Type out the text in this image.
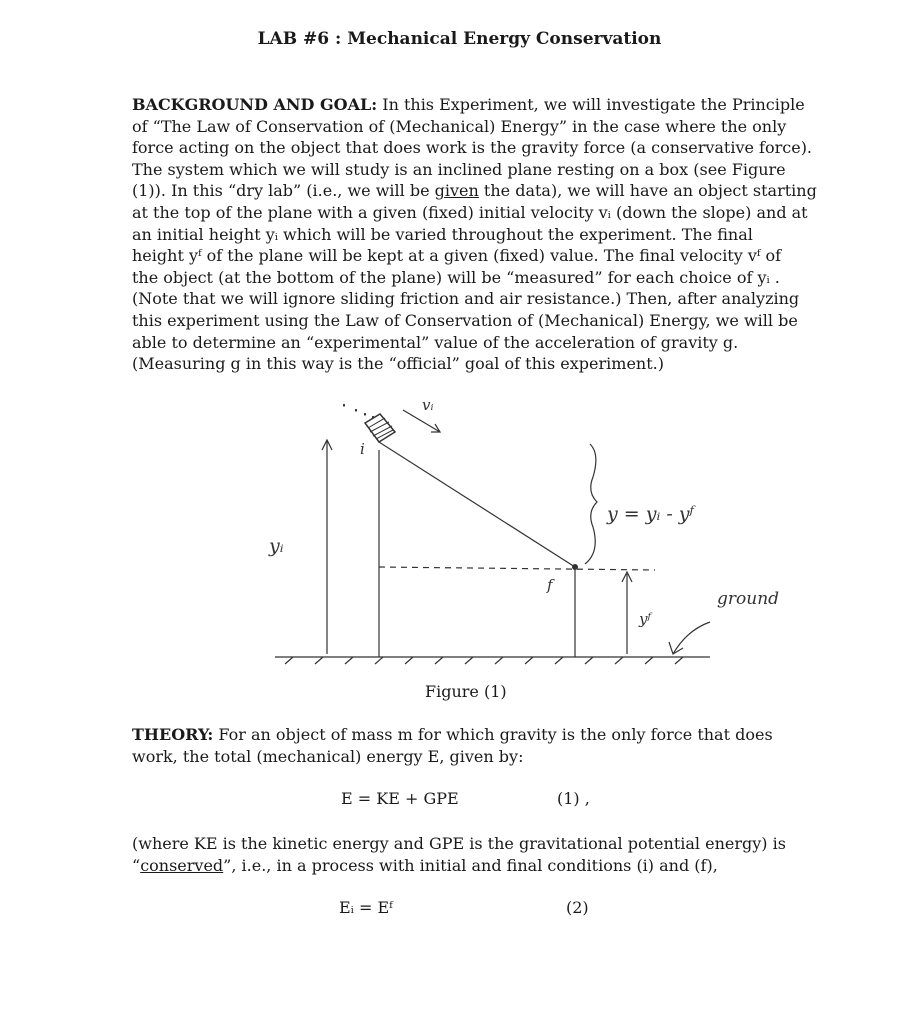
LAB #6 : Mechanical Energy Conservation
BACKGROUND AND GOAL: In this Experiment, we will investigate the Principle
of “The Law of Conservation of (Mechanical) Energy” in the case where the only
force acting on the object that does work is the gravity force (a conservative force).
The system which we will study is an inclined plane resting on a box (see Figure
(1)). In this “dry lab” (i.e., we will be given the data), we will have an object starting
at the top of the plane with a given (fixed) initial velocity vᵢ (down the slope) and at
an initial height yᵢ which will be varied throughout the experiment. The final
height yᶠ of the plane will be kept at a given (fixed) value. The final velocity vᶠ of
the object (at the bottom of the plane) will be “measured” for each choice of yᵢ .
(Note that we will ignore sliding friction and air resistance.) Then, after analyzing
this experiment using the Law of Conservation of (Mechanical) Energy, we will be
able to determine an “experimental” value of the acceleration of gravity g.
(Measuring g in this way is the “official” goal of this experiment.)
vᵢ
i
y = yᵢ - yᶠ
yᵢ
f
ground
yᶠ
Figure (1)
THEORY: For an object of mass m for which gravity is the only force that does
work, the total (mechanical) energy E, given by:
E = KE + GPE	(1) ,
(where KE is the kinetic energy and GPE is the gravitational potential energy) is
“conserved”, i.e., in a process with initial and final conditions (i) and (f),
Eᵢ = Eᶠ	(2)
